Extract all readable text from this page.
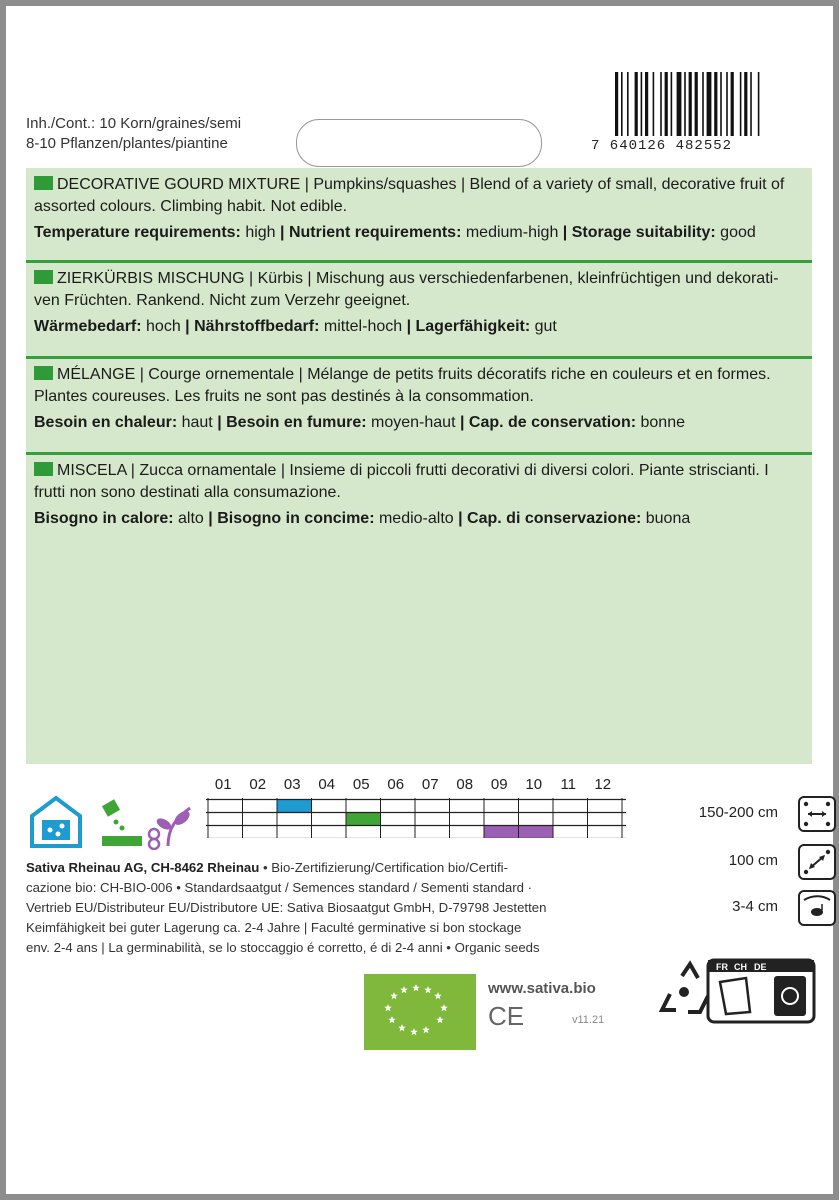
Inh./Cont.: 10 Korn/graines/semi
8-10 Pflanzen/plantes/piantine	7 640126 482552
DECORATIVE GOURD MIXTURE | Pumpkins/squashes | Blend of a variety of small, decorative fruit of
assorted colours. Climbing habit. Not edible.
Temperature requirements: high | Nutrient requirements: medium-high | Storage suitability: good
ZIERKÜRBIS MISCHUNG | Kürbis | Mischung aus verschiedenfarbenen, kleinfrüchtigen und dekorati-
ven Früchten. Rankend. Nicht zum Verzehr geeignet.
Wärmebedarf: hoch | Nährstoffbedarf: mittel-hoch | Lagerfähigkeit: gut
MÉLANGE | Courge ornementale | Mélange de petits fruits décoratifs riche en couleurs et en formes.
Plantes coureuses. Les fruits ne sont pas destinés à la consommation.
Besoin en chaleur: haut | Besoin en fumure: moyen-haut | Cap. de conservation: bonne
MISCELA | Zucca ornamentale | Insieme di piccoli frutti decorativi di diversi colori. Piante striscianti. I
frutti non sono destinati alla consumazione.
Bisogno in calore: alto | Bisogno in concime: medio-alto | Cap. di conservazione: buona
01 02 03 04 05 06 07 08 09 10 11 12
150-200 cm
100 cm
3-4 cm
Sativa Rheinau AG, CH-8462 Rheinau • Bio-Zertifizierung/Certification bio/Certifi-
cazione bio: CH-BIO-006 • Standardsaatgut / Semences standard / Sementi standard ·
Vertrieb EU/Distributeur EU/Distributore UE: Sativa Biosaatgut GmbH, D-79798 Jestetten
Keimfähigkeit bei guter Lagerung ca. 2-4 Jahre | Faculté germinative si bon stockage
env. 2-4 ans | La germinabilità, se lo stoccaggio é corretto, é di 2-4 anni • Organic seeds
www.sativa.bio
CE	v11.21
FR CH DE
